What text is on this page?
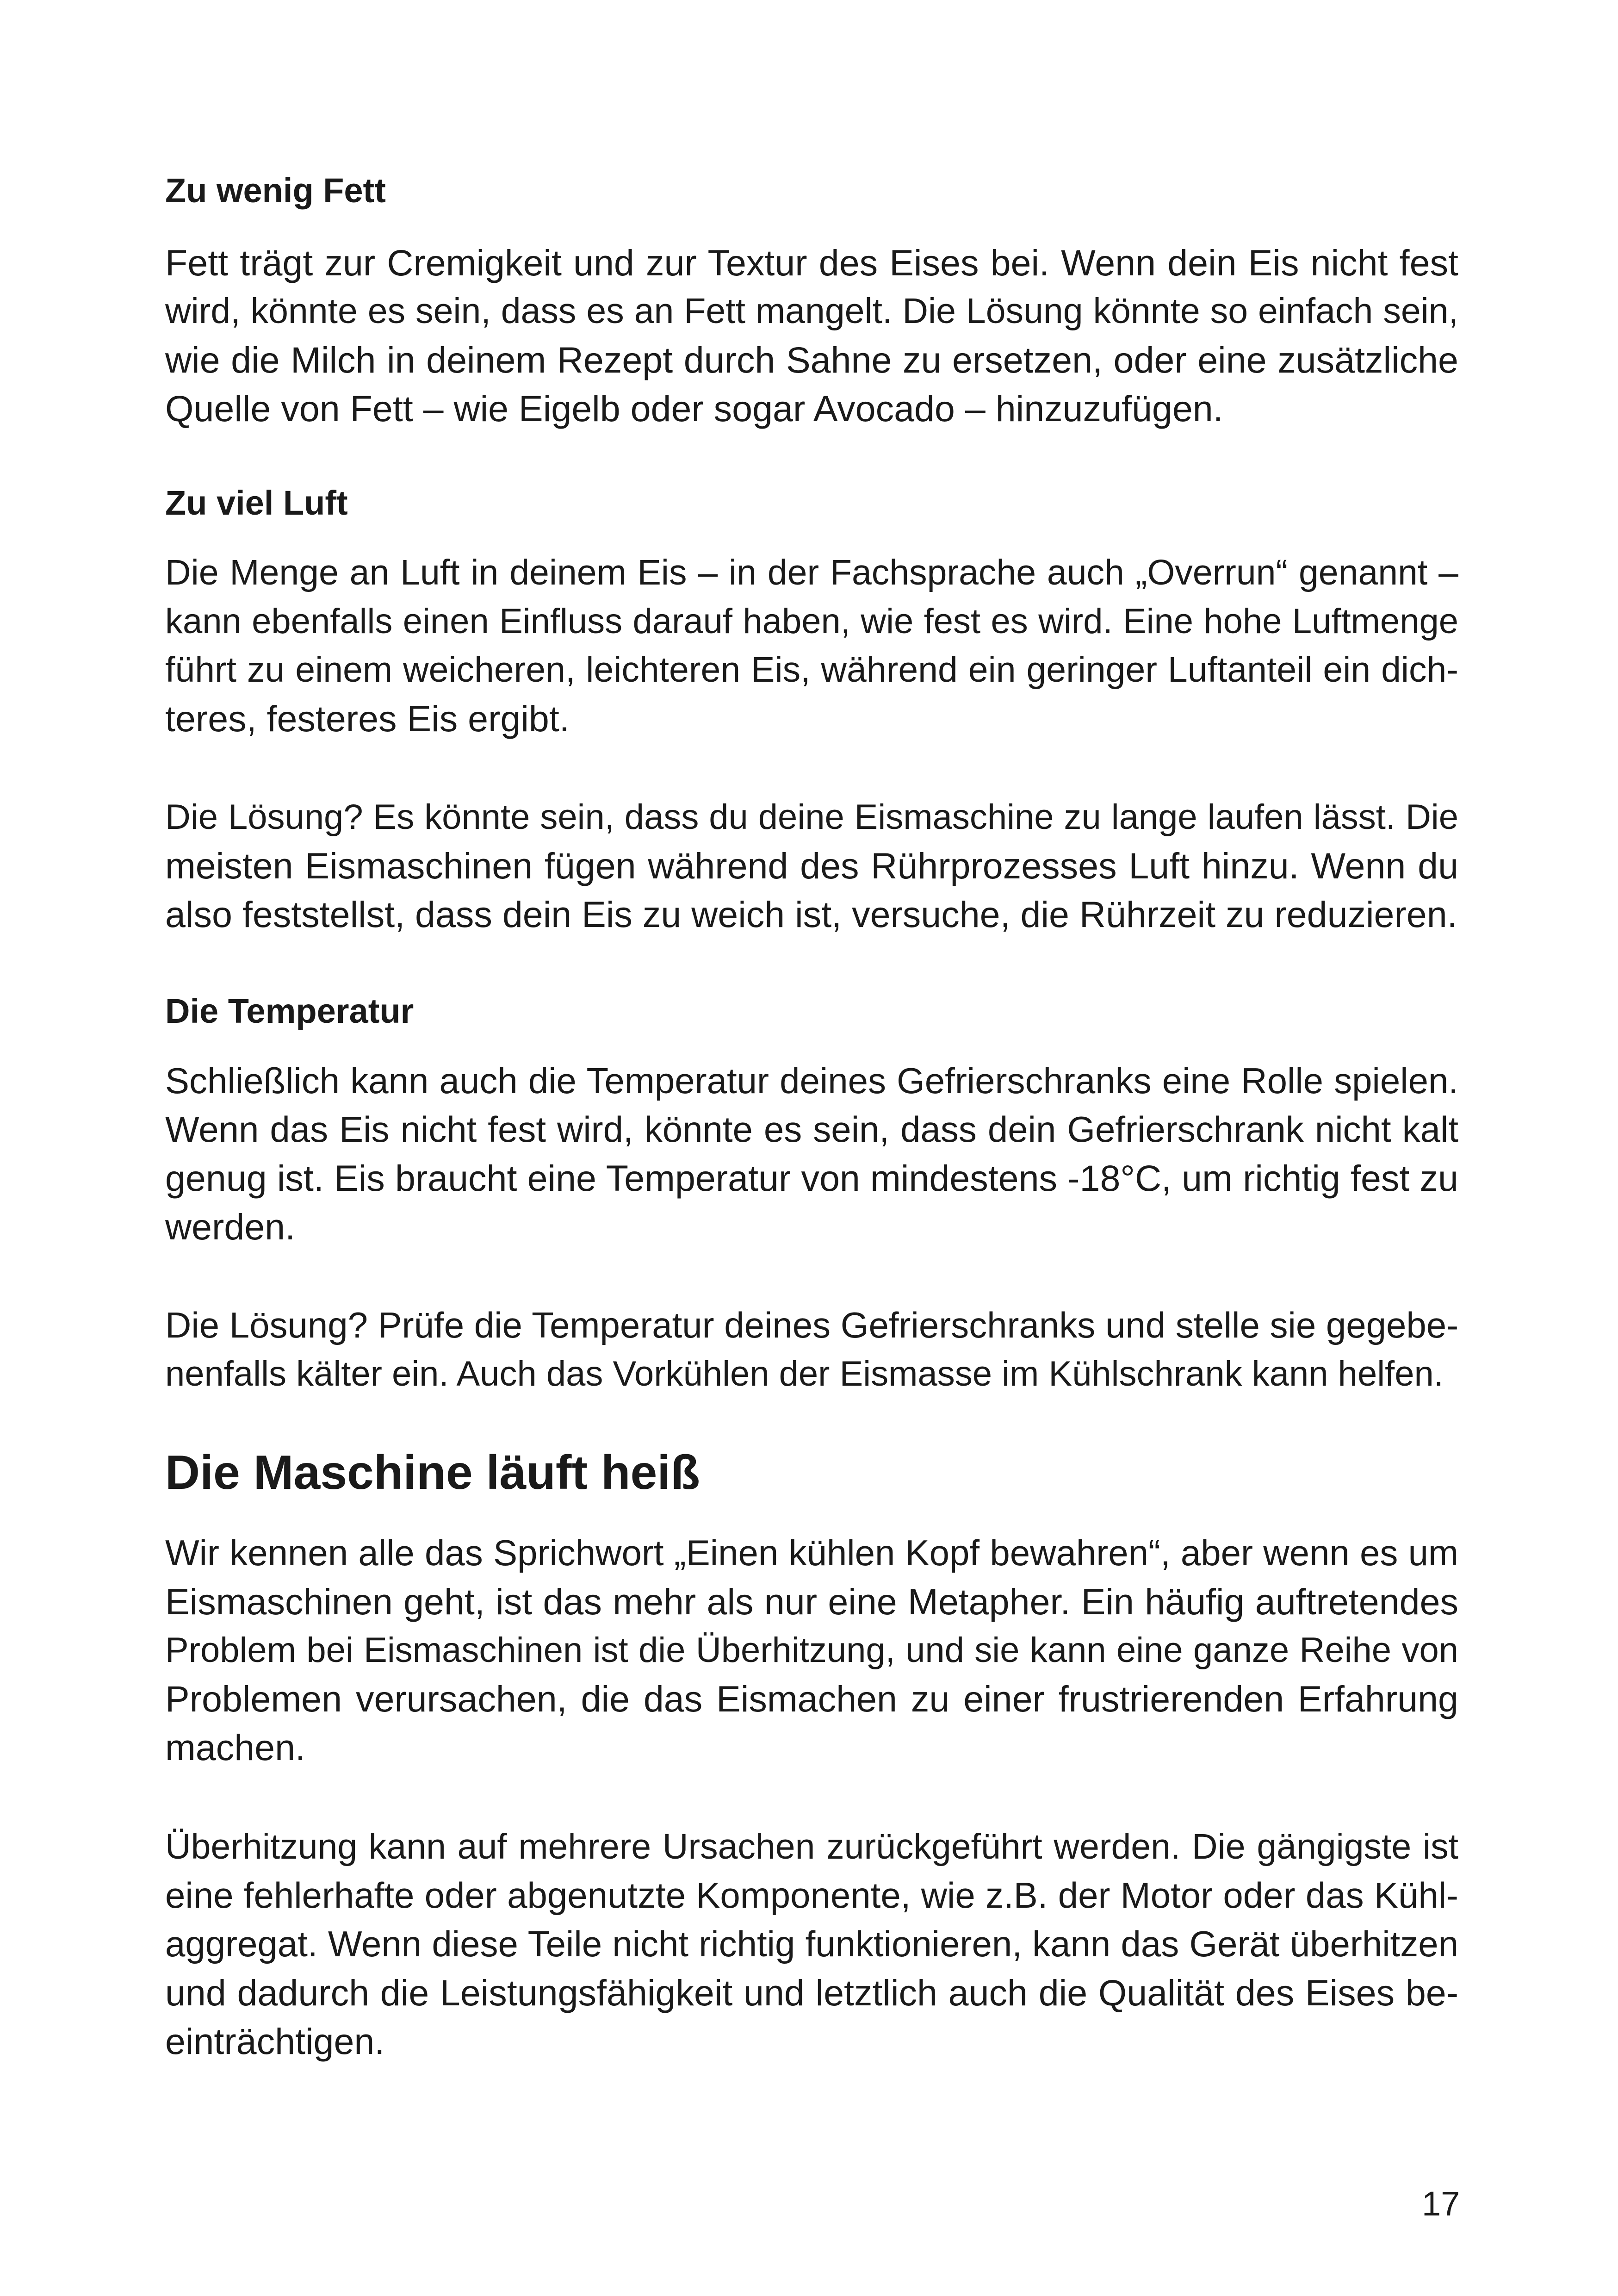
Zu wenig Fett

Fett trägt zur Cremigkeit und zur Textur des Eises bei. Wenn dein Eis nicht fest
wird, könnte es sein, dass es an Fett mangelt. Die Lösung könnte so einfach sein,
wie die Milch in deinem Rezept durch Sahne zu ersetzen, oder eine zusätzliche
Quelle von Fett – wie Eigelb oder sogar Avocado – hinzuzufügen.

Zu viel Luft

Die Menge an Luft in deinem Eis – in der Fachsprache auch „Overrun“ genannt –
kann ebenfalls einen Einfluss darauf haben, wie fest es wird. Eine hohe Luftmenge
führt zu einem weicheren, leichteren Eis, während ein geringer Luftanteil ein dich-
teres, festeres Eis ergibt.

Die Lösung? Es könnte sein, dass du deine Eismaschine zu lange laufen lässt. Die
meisten Eismaschinen fügen während des Rührprozesses Luft hinzu. Wenn du
also feststellst, dass dein Eis zu weich ist, versuche, die Rührzeit zu reduzieren.

Die Temperatur

Schließlich kann auch die Temperatur deines Gefrierschranks eine Rolle spielen.
Wenn das Eis nicht fest wird, könnte es sein, dass dein Gefrierschrank nicht kalt
genug ist. Eis braucht eine Temperatur von mindestens -18°C, um richtig fest zu
werden.

Die Lösung? Prüfe die Temperatur deines Gefrierschranks und stelle sie gegebe-
nenfalls kälter ein. Auch das Vorkühlen der Eismasse im Kühlschrank kann helfen.

Die Maschine läuft heiß

Wir kennen alle das Sprichwort „Einen kühlen Kopf bewahren“, aber wenn es um
Eismaschinen geht, ist das mehr als nur eine Metapher. Ein häufig auftretendes
Problem bei Eismaschinen ist die Überhitzung, und sie kann eine ganze Reihe von
Problemen verursachen, die das Eismachen zu einer frustrierenden Erfahrung
machen.

Überhitzung kann auf mehrere Ursachen zurückgeführt werden. Die gängigste ist
eine fehlerhafte oder abgenutzte Komponente, wie z.B. der Motor oder das Kühl-
aggregat. Wenn diese Teile nicht richtig funktionieren, kann das Gerät überhitzen
und dadurch die Leistungsfähigkeit und letztlich auch die Qualität des Eises be-
einträchtigen.

17
